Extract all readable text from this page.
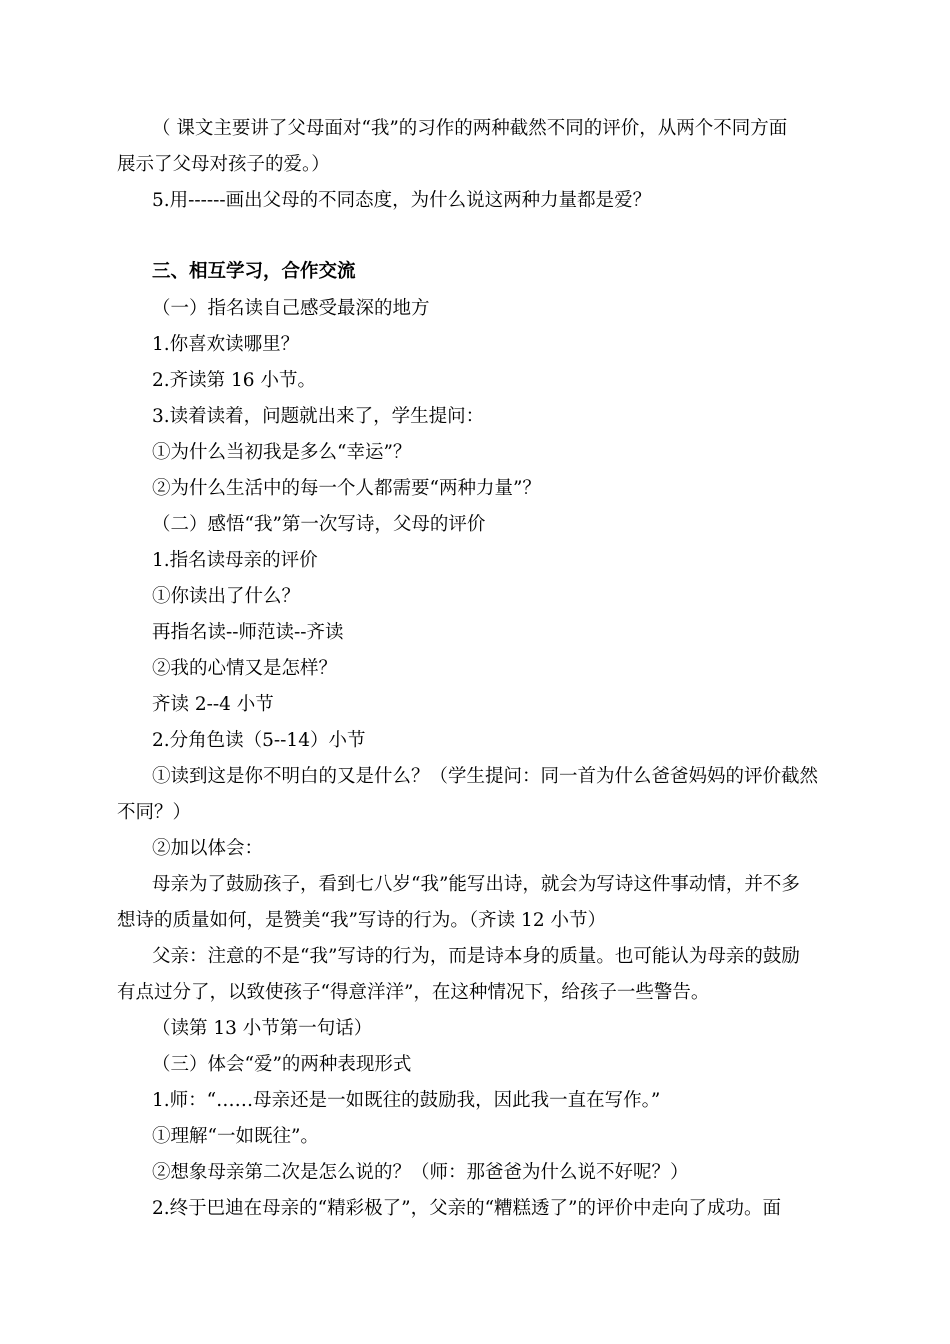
（ 课文主要讲了父母面对“我”的习作的两种截然不同的评价，从两个不同方面

展示了父母对孩子的爱。）

5.用------画出父母的不同态度，为什么说这两种力量都是爱？

三、相互学习，合作交流

（一）指名读自己感受最深的地方

1.你喜欢读哪里？

2.齐读第 16 小节。

3.读着读着，问题就出来了，学生提问：

①为什么当初我是多么“幸运”？

②为什么生活中的每一个人都需要“两种力量”？

（二）感悟“我”第一次写诗，父母的评价

1.指名读母亲的评价

①你读出了什么？

再指名读--师范读--齐读

②我的心情又是怎样？

齐读 2--4 小节

2.分角色读（5--14）小节

①读到这是你不明白的又是什么？（学生提问：同一首为什么爸爸妈妈的评价截然

不同？）

②加以体会：

母亲为了鼓励孩子，看到七八岁“我”能写出诗，就会为写诗这件事动情，并不多

想诗的质量如何，是赞美“我”写诗的行为。（齐读 12 小节）

父亲：注意的不是“我”写诗的行为，而是诗本身的质量。也可能认为母亲的鼓励

有点过分了，以致使孩子“得意洋洋”，在这种情况下，给孩子一些警告。

（读第 13 小节第一句话）

（三）体会“爱”的两种表现形式

1.师：“……母亲还是一如既往的鼓励我，因此我一直在写作。”

①理解“一如既往”。

②想象母亲第二次是怎么说的？（师：那爸爸为什么说不好呢？）

2.终于巴迪在母亲的“精彩极了”，父亲的“糟糕透了”的评价中走向了成功。面
